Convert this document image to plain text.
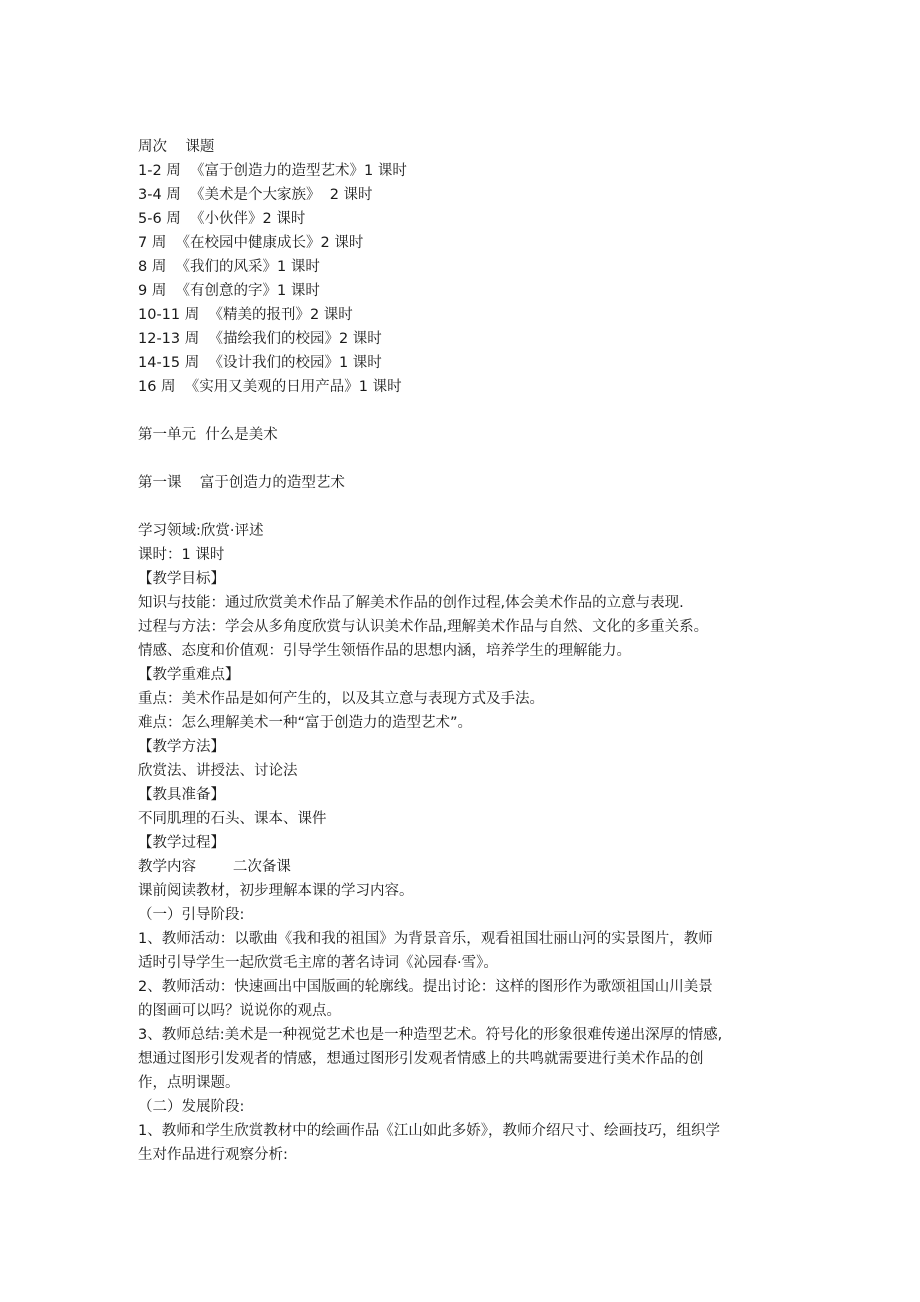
周次    课题
1-2 周  《富于创造力的造型艺术》1 课时
3-4 周  《美术是个大家族》  2 课时
5-6 周  《小伙伴》2 课时
7 周  《在校园中健康成长》2 课时
8 周  《我们的风采》1 课时
9 周  《有创意的字》1 课时
10-11 周  《精美的报刊》2 课时
12-13 周  《描绘我们的校园》2 课时
14-15 周  《设计我们的校园》1 课时
16 周  《实用又美观的日用产品》1 课时
第一单元  什么是美术
第一课    富于创造力的造型艺术
学习领域:欣赏·评述
课时：1 课时
【教学目标】
知识与技能：通过欣赏美术作品了解美术作品的创作过程,体会美术作品的立意与表现.
过程与方法：学会从多角度欣赏与认识美术作品,理解美术作品与自然、文化的多重关系。
情感、态度和价值观：引导学生领悟作品的思想内涵，培养学生的理解能力。
【教学重难点】
重点：美术作品是如何产生的，以及其立意与表现方式及手法。
难点：怎么理解美术一种“富于创造力的造型艺术”。
【教学方法】
欣赏法、讲授法、讨论法
【教具准备】
不同肌理的石头、课本、课件
【教学过程】
教学内容        二次备课
课前阅读教材，初步理解本课的学习内容。
（一）引导阶段:
1、教师活动：以歌曲《我和我的祖国》为背景音乐，观看祖国壮丽山河的实景图片，教师
适时引导学生一起欣赏毛主席的著名诗词《沁园春·雪》。
2、教师活动：快速画出中国版画的轮廓线。提出讨论：这样的图形作为歌颂祖国山川美景
的图画可以吗？说说你的观点。
3、教师总结:美术是一种视觉艺术也是一种造型艺术。符号化的形象很难传递出深厚的情感,
想通过图形引发观者的情感，想通过图形引发观者情感上的共鸣就需要进行美术作品的创
作，点明课题。
（二）发展阶段:
1、教师和学生欣赏教材中的绘画作品《江山如此多娇》，教师介绍尺寸、绘画技巧，组织学
生对作品进行观察分析:
